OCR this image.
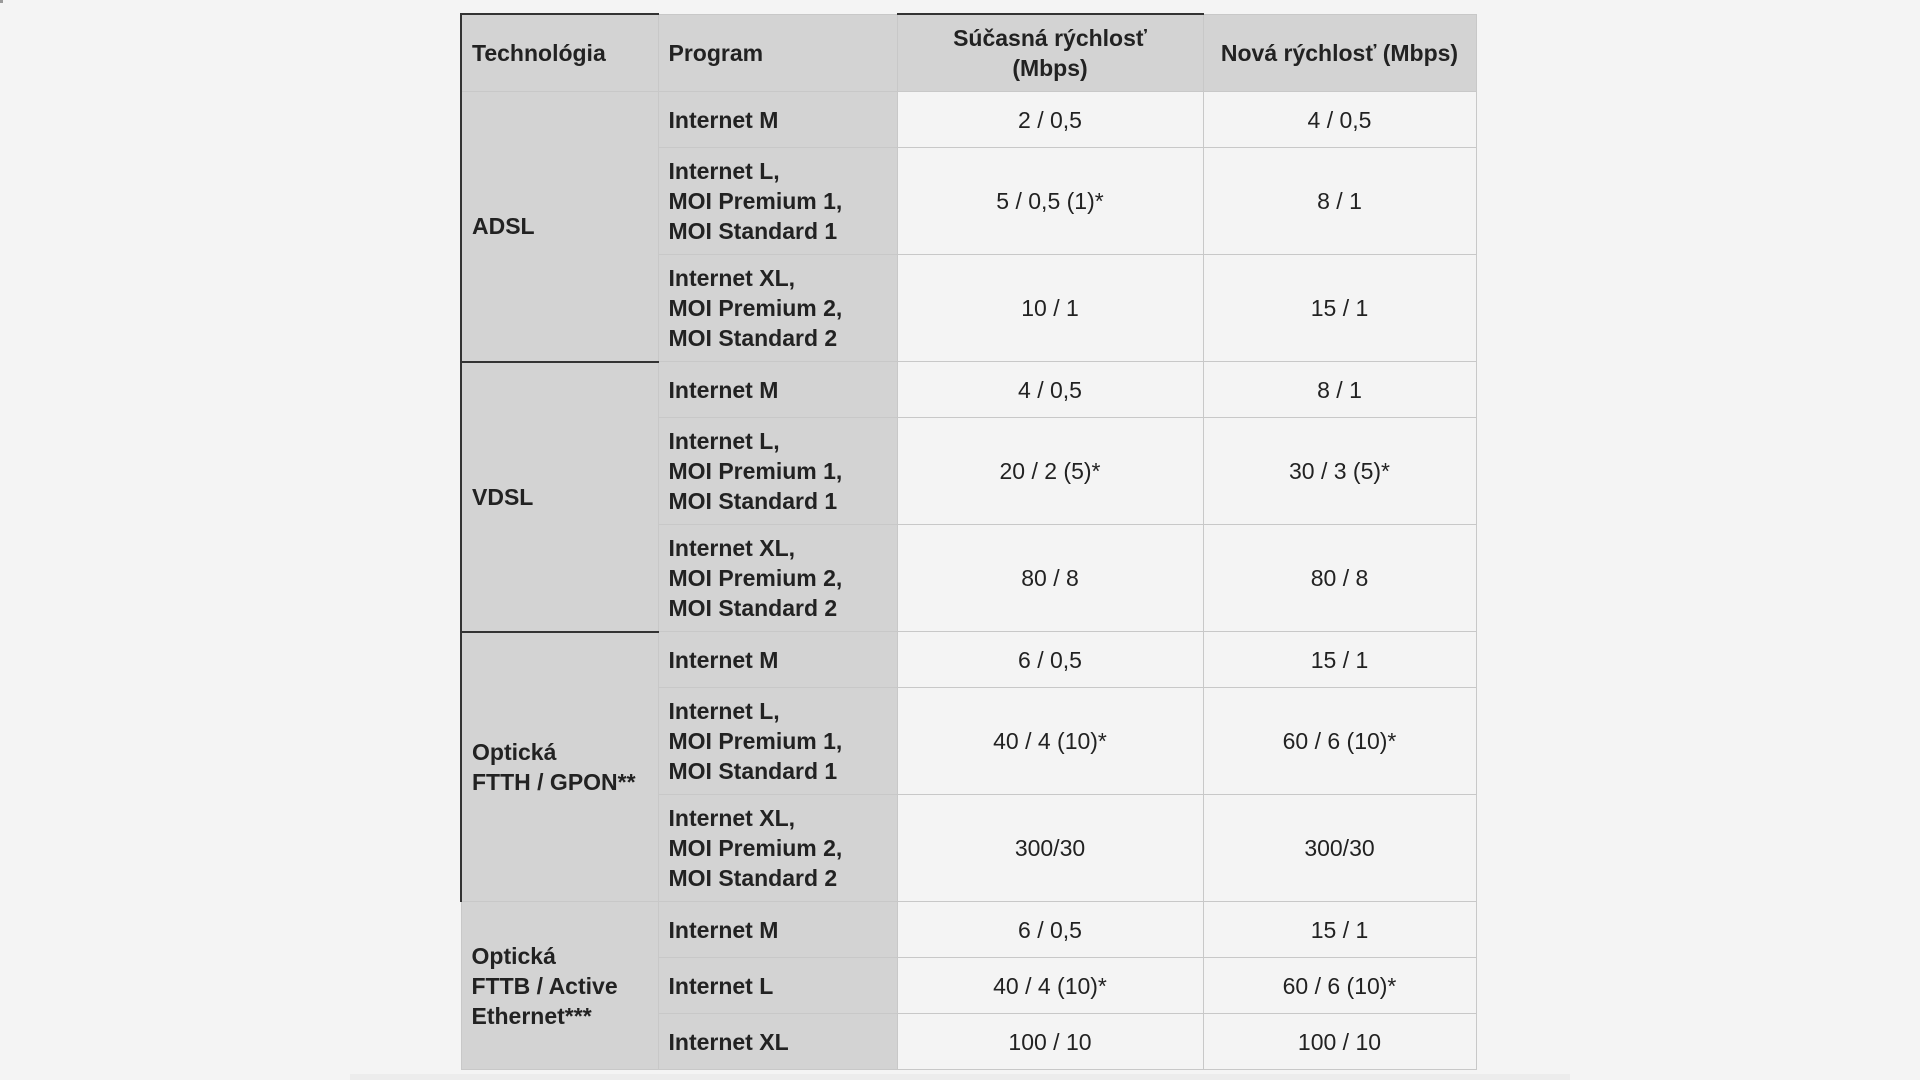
Technológia	Program	Súčasná rýchlosť
(Mbps)	Nová rýchlosť (Mbps)

ADSL	Internet M	2 / 0,5	4 / 0,5

	Internet L,
MOI Premium 1,
MOI Standard 1	5 / 0,5 (1)*	8 / 1

	Internet XL,
MOI Premium 2,
MOI Standard 2	10 / 1	15 / 1

VDSL	Internet M	4 / 0,5	8 / 1

	Internet L,
MOI Premium 1,
MOI Standard 1	20 / 2 (5)*	30 / 3 (5)*

	Internet XL,
MOI Premium 2,
MOI Standard 2	80 / 8	80 / 8

Optická
FTTH / GPON**	Internet M	6 / 0,5	15 / 1

	Internet L,
MOI Premium 1,
MOI Standard 1	40 / 4 (10)*	60 / 6 (10)*

	Internet XL,
MOI Premium 2,
MOI Standard 2	300/30	300/30

Optická
FTTB / Active
Ethernet***	Internet M	6 / 0,5	15 / 1

	Internet L	40 / 4 (10)*	60 / 6 (10)*

	Internet XL	100 / 10	100 / 10
